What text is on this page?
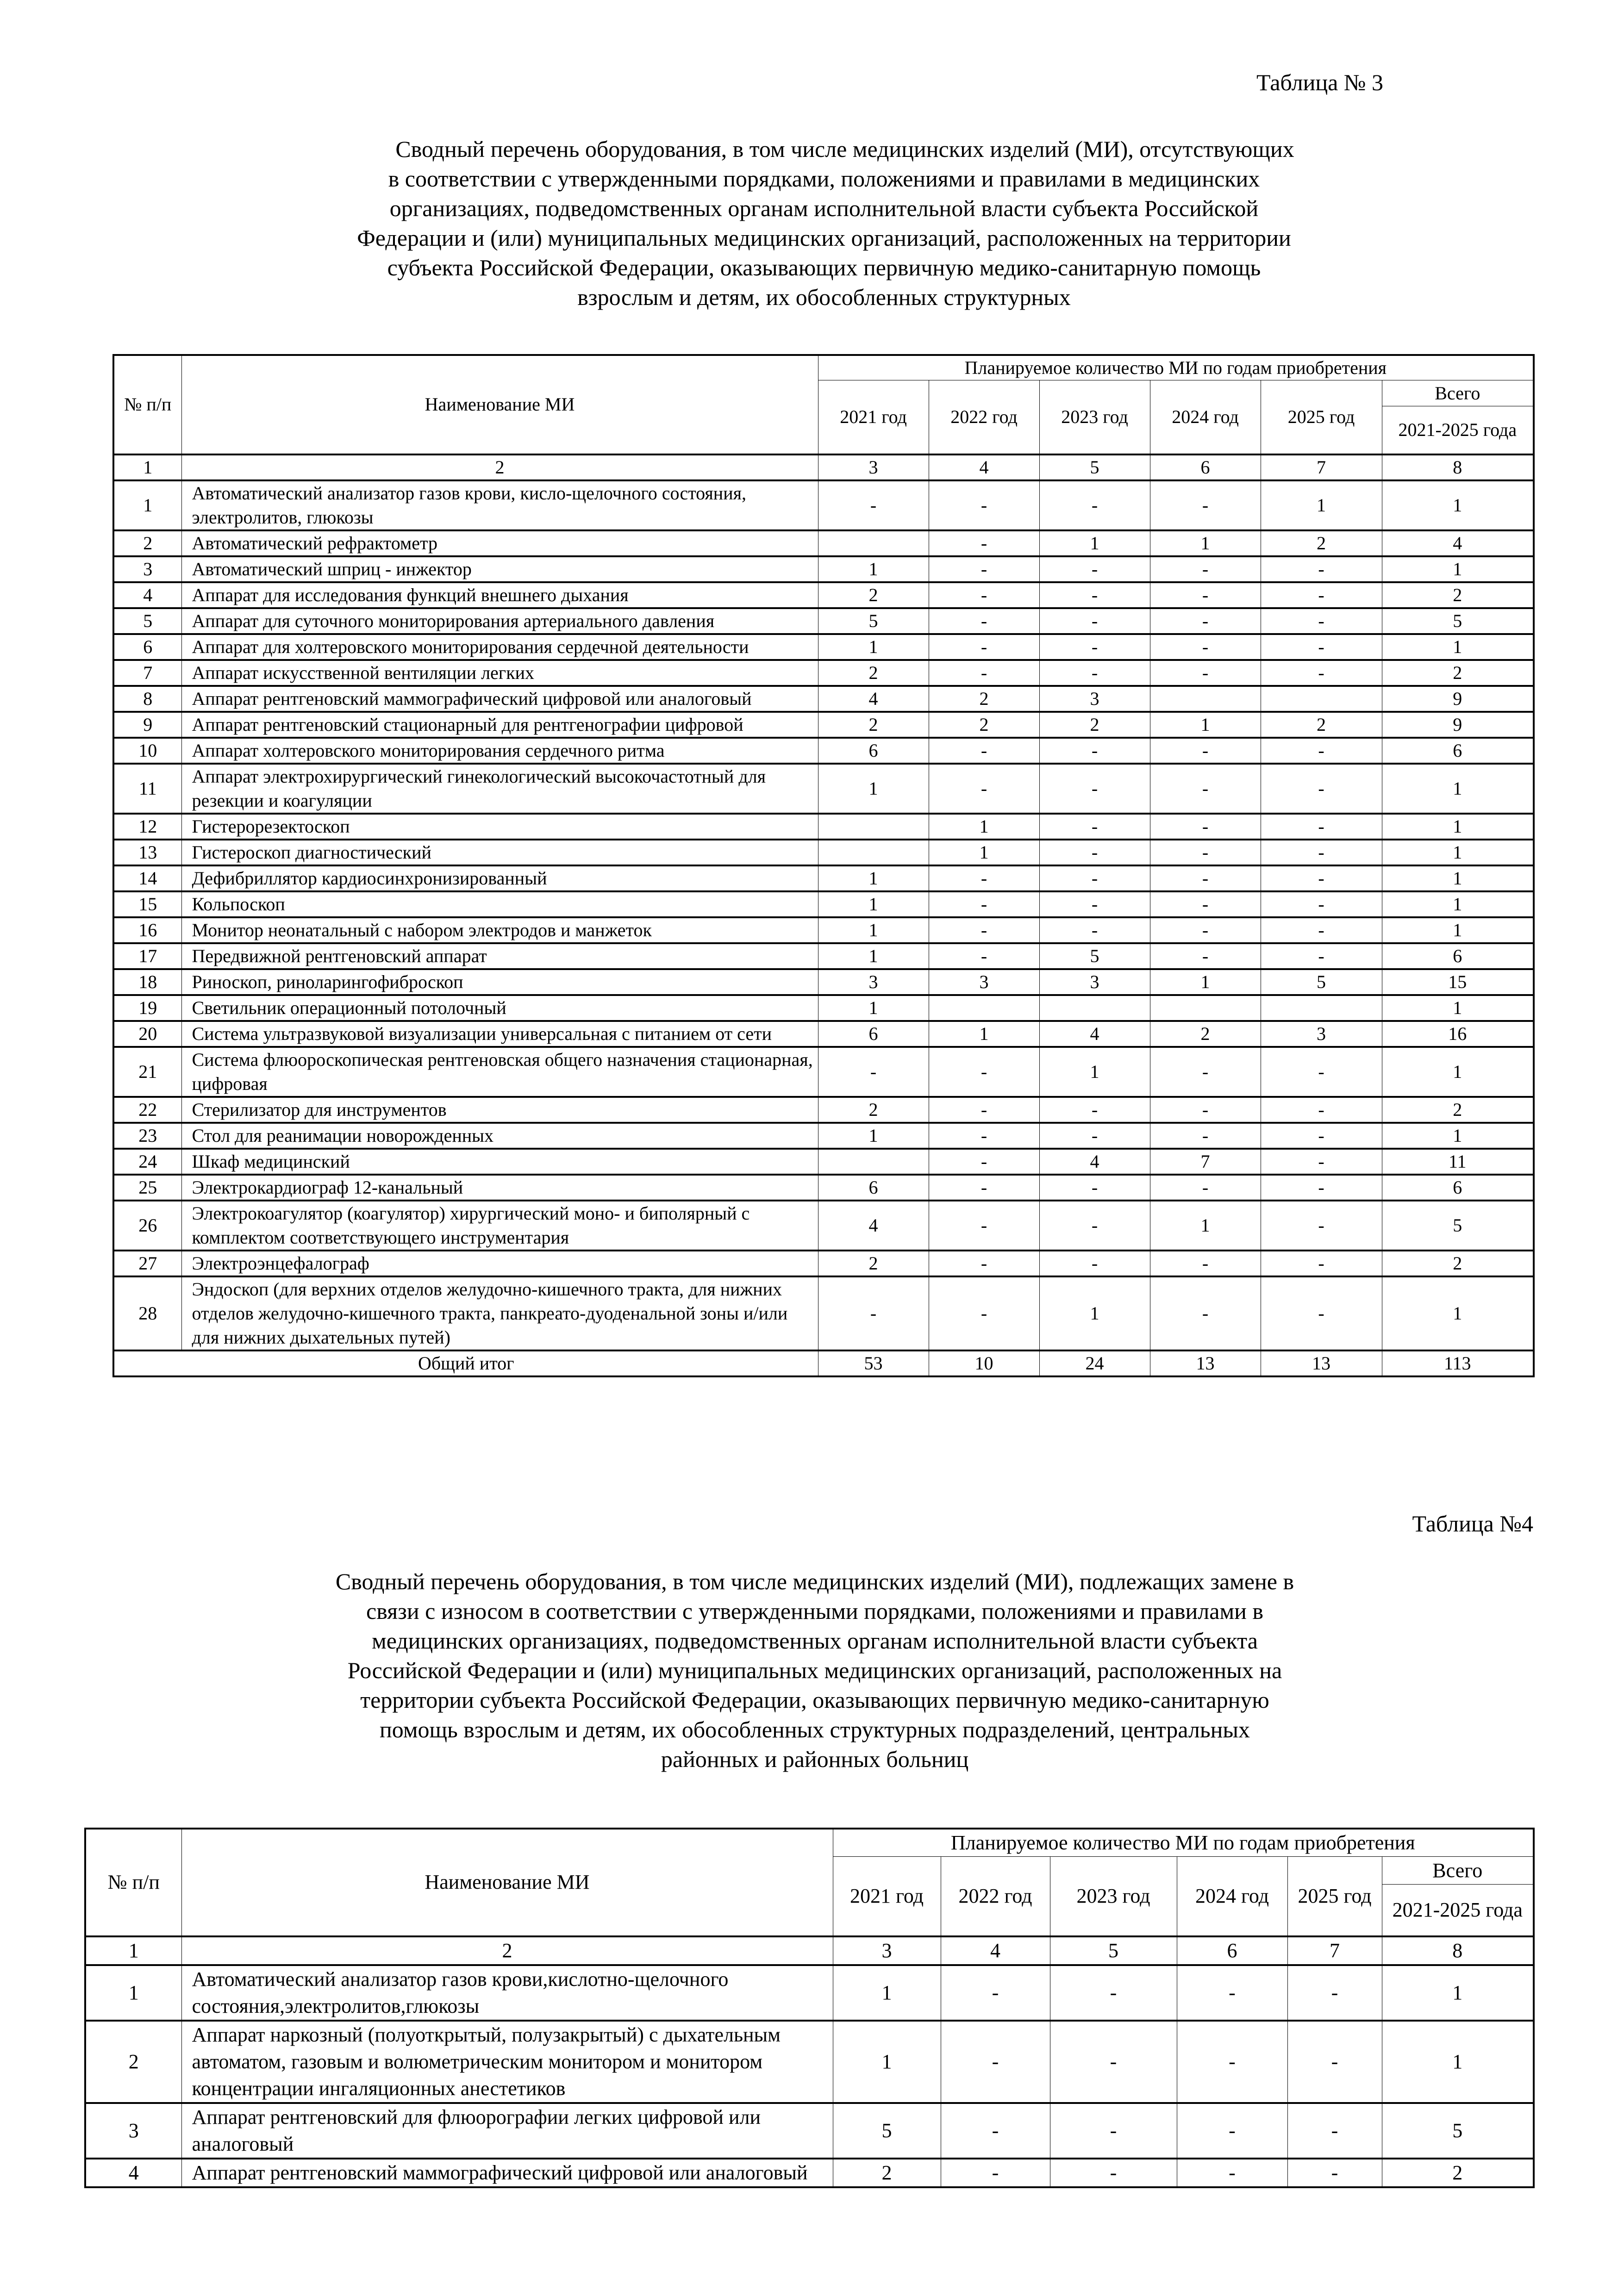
Таблица № 3
Сводный перечень оборудования, в том числе медицинских изделий (МИ), отсутствующих
в соответствии с утвержденными порядками, положениями и правилами в медицинских
организациях, подведомственных органам исполнительной власти субъекта Российской
Федерации и (или) муниципальных медицинских организаций, расположенных на территории
субъекта Российской Федерации, оказывающих первичную медико-санитарную помощь
взрослым и детям, их обособленных структурных
№ п/п	Наименование МИ	Планируемое количество МИ по годам приобретения					
		2021 год	2022 год	2023 год	2024 год	2025 год	Всего
							2021-2025 года
1	2	3	4	5	6	7	8
1	Автоматический анализатор газов крови, кисло-щелочного состояния, электролитов, глюкозы	-	-	-	-	1	1
2	Автоматический рефрактометр		-	1	1	2	4
3	Автоматический шприц - инжектор	1	-	-	-	-	1
4	Аппарат для исследования функций внешнего дыхания	2	-	-	-	-	2
5	Аппарат для суточного мониторирования артериального давления	5	-	-	-	-	5
6	Аппарат для холтеровского мониторирования сердечной деятельности	1	-	-	-	-	1
7	Аппарат искусственной вентиляции легких	2	-	-	-	-	2
8	Аппарат рентгеновский маммографический цифровой или аналоговый	4	2	3			9
9	Аппарат рентгеновский стационарный для рентгенографии цифровой	2	2	2	1	2	9
10	Аппарат холтеровского мониторирования сердечного ритма	6	-	-	-	-	6
11	Аппарат электрохирургический гинекологический высокочастотный для резекции и коагуляции	1	-	-	-	-	1
12	Гистерорезектоскоп		1	-	-	-	1
13	Гистероскоп диагностический		1	-	-	-	1
14	Дефибриллятор кардиосинхронизированный	1	-	-	-	-	1
15	Кольпоскоп	1	-	-	-	-	1
16	Монитор неонатальный с набором электродов и манжеток	1	-	-	-	-	1
17	Передвижной рентгеновский аппарат	1	-	5	-	-	6
18	Риноскоп, риноларингофиброскоп	3	3	3	1	5	15
19	Светильник операционный потолочный	1					1
20	Система ультразвуковой визуализации универсальная с питанием от сети	6	1	4	2	3	16
21	Система флюороскопическая рентгеновская общего назначения стационарная, цифровая	-	-	1	-	-	1
22	Стерилизатор для инструментов	2	-	-	-	-	2
23	Стол для реанимации новорожденных	1	-	-	-	-	1
24	Шкаф медицинский		-	4	7	-	11
25	Электрокардиограф 12-канальный	6	-	-	-	-	6
26	Электрокоагулятор (коагулятор) хирургический моно- и биполярный с комплектом соответствующего инструментария	4	-	-	1	-	5
27	Электроэнцефалограф	2	-	-	-	-	2
28	Эндоскоп (для верхних отделов желудочно-кишечного тракта, для нижних отделов желудочно-кишечного тракта, панкреато-дуоденальной зоны и/или для нижних дыхательных путей)	-	-	1	-	-	1
Общий итог		53	10	24	13	13	113
Таблица №4
Сводный перечень оборудования, в том числе медицинских изделий (МИ), подлежащих замене в
связи с износом в соответствии с утвержденными порядками, положениями и правилами в
медицинских организациях, подведомственных органам исполнительной власти субъекта
Российской Федерации и (или) муниципальных медицинских организаций, расположенных на
территории субъекта Российской Федерации, оказывающих первичную медико-санитарную
помощь взрослым и детям, их обособленных структурных подразделений, центральных
районных и районных больниц
№ п/п	Наименование МИ	Планируемое количество МИ по годам приобретения					
		2021 год	2022 год	2023 год	2024 год	2025 год	Всего
							2021-2025 года
1	2	3	4	5	6	7	8
1	Автоматический анализатор газов крови,кислотно-щелочного состояния,электролитов,глюкозы	1	-	-	-	-	1
2	Аппарат наркозный (полуоткрытый, полузакрытый) с дыхательным автоматом, газовым и волюметрическим монитором и монитором концентрации ингаляционных анестетиков	1	-	-	-	-	1
3	Аппарат рентгеновский для флюорографии легких цифровой или аналоговый	5	-	-	-	-	5
4	Аппарат рентгеновский маммографический цифровой или аналоговый	2	-	-	-	-	2
